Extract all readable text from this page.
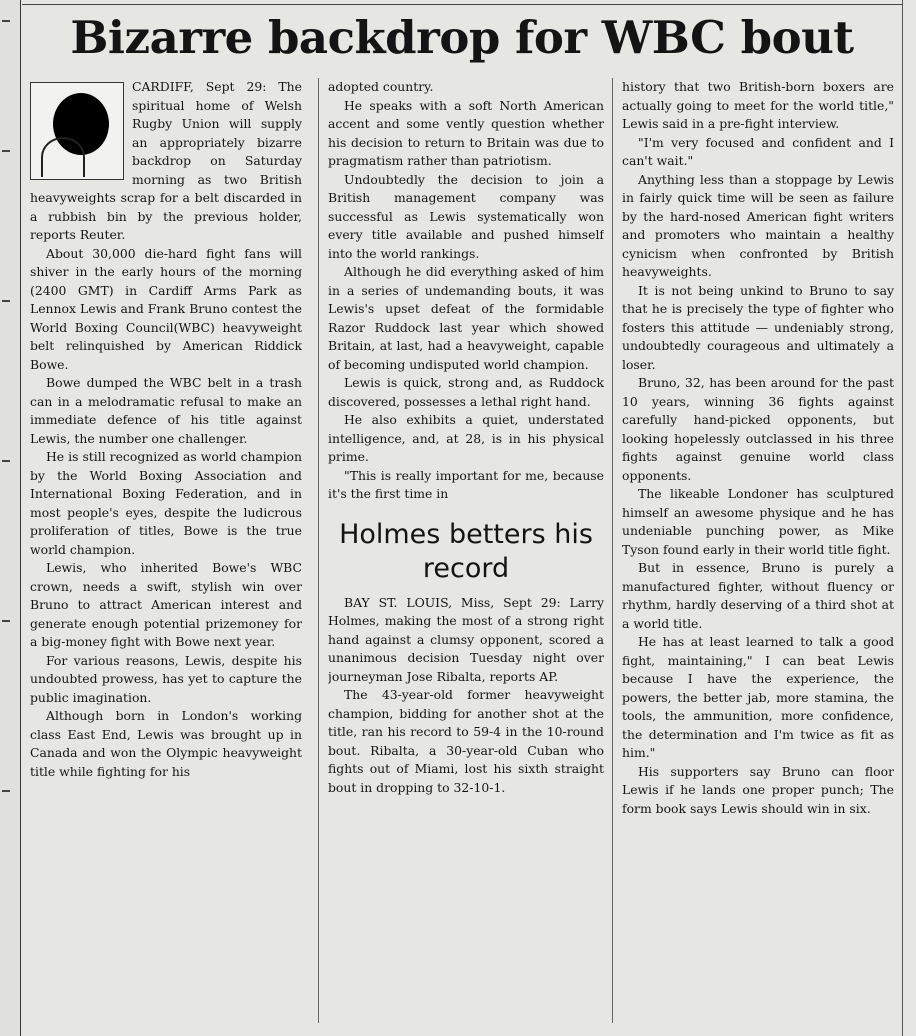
Bizarre backdrop for WBC bout

CARDIFF, Sept 29: The spiritual home of Welsh Rugby Union will supply an appropriately bizarre backdrop on Saturday morning as two British heavyweights scrap for a belt discarded in a rubbish bin by the previous holder, reports Reuter.

About 30,000 die-hard fight fans will shiver in the early hours of the morning (2400 GMT) in Cardiff Arms Park as Lennox Lewis and Frank Bruno contest the World Boxing Council(WBC) heavyweight belt relinquished by American Riddick Bowe.

Bowe dumped the WBC belt in a trash can in a melodramatic refusal to make an immediate defence of his title against Lewis, the number one challenger.

He is still recognized as world champion by the World Boxing Association and International Boxing Federation, and in most people's eyes, despite the ludicrous proliferation of titles, Bowe is the true world champion.

Lewis, who inherited Bowe's WBC crown, needs a swift, stylish win over Bruno to attract American interest and generate enough potential prizemoney for a big-money fight with Bowe next year.

For various reasons, Lewis, despite his undoubted prowess, has yet to capture the public imagination.

Although born in London's working class East End, Lewis was brought up in Canada and won the Olympic heavyweight title while fighting for his

adopted country.

He speaks with a soft North American accent and some vently question whether his decision to return to Britain was due to pragmatism rather than patriotism.

Undoubtedly the decision to join a British management company was successful as Lewis systematically won every title available and pushed himself into the world rankings.

Although he did everything asked of him in a series of undemanding bouts, it was Lewis's upset defeat of the formidable Razor Ruddock last year which showed Britain, at last, had a heavyweight, capable of becoming undisputed world champion.

Lewis is quick, strong and, as Ruddock discovered, possesses a lethal right hand.

He also exhibits a quiet, understated intelligence, and, at 28, is in his physical prime.

"This is really important for me, because it's the first time in

Holmes betters his record

BAY ST. LOUIS, Miss, Sept 29: Larry Holmes, making the most of a strong right hand against a clumsy opponent, scored a unanimous decision Tuesday night over journeyman Jose Ribalta, reports AP.

The 43-year-old former heavyweight champion, bidding for another shot at the title, ran his record to 59-4 in the 10-round bout. Ribalta, a 30-year-old Cuban who fights out of Miami, lost his sixth straight bout in dropping to 32-10-1.

history that two British-born boxers are actually going to meet for the world title," Lewis said in a pre-fight interview.

"I'm very focused and confident and I can't wait."

Anything less than a stoppage by Lewis in fairly quick time will be seen as failure by the hard-nosed American fight writers and promoters who maintain a healthy cynicism when confronted by British heavyweights.

It is not being unkind to Bruno to say that he is precisely the type of fighter who fosters this attitude — undeniably strong, undoubtedly courageous and ultimately a loser.

Bruno, 32, has been around for the past 10 years, winning 36 fights against carefully hand-picked opponents, but looking hopelessly outclassed in his three fights against genuine world class opponents.

The likeable Londoner has sculptured himself an awesome physique and he has undeniable punching power, as Mike Tyson found early in their world title fight.

But in essence, Bruno is purely a manufactured fighter, without fluency or rhythm, hardly deserving of a third shot at a world title.

He has at least learned to talk a good fight, maintaining," I can beat Lewis because I have the experience, the powers, the better jab, more stamina, the tools, the ammunition, more confidence, the determination and I'm twice as fit as him."

His supporters say Bruno can floor Lewis if he lands one proper punch; The form book says Lewis should win in six.
